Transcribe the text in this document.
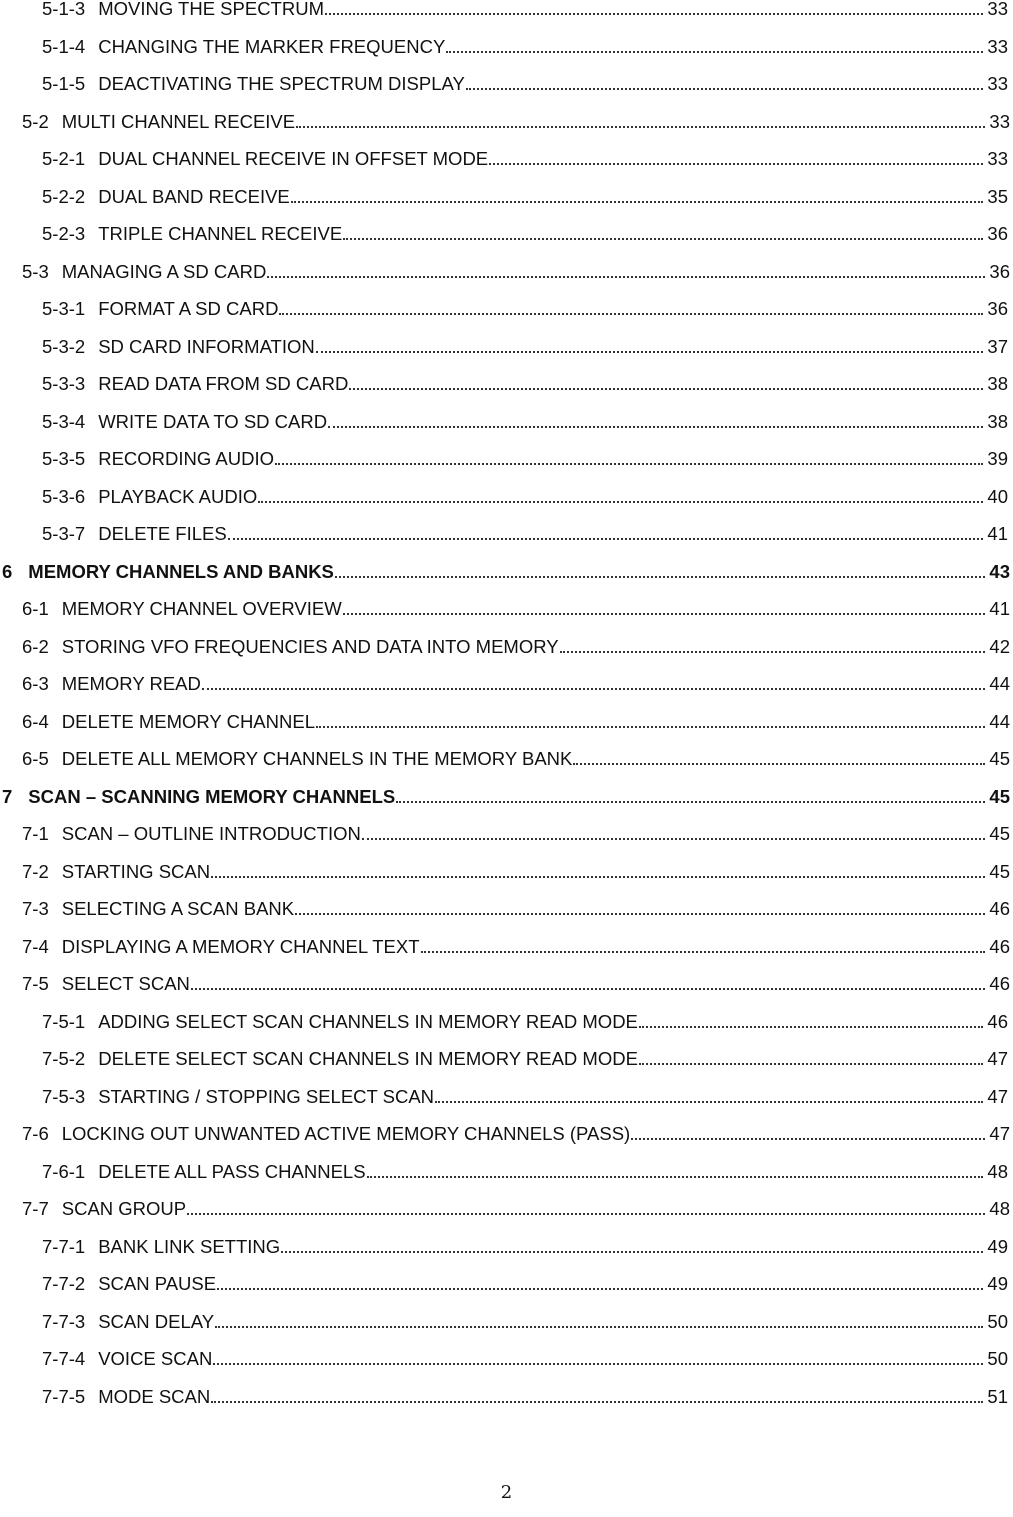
5-1-3 MOVING THE SPECTRUM	33
5-1-4 CHANGING THE MARKER FREQUENCY	33
5-1-5 DEACTIVATING THE SPECTRUM DISPLAY	33
5-2 MULTI CHANNEL RECEIVE	33
5-2-1 DUAL CHANNEL RECEIVE IN OFFSET MODE	33
5-2-2 DUAL BAND RECEIVE	35
5-2-3 TRIPLE CHANNEL RECEIVE	36
5-3 MANAGING A SD CARD	36
5-3-1 FORMAT A SD CARD	36
5-3-2 SD CARD INFORMATION	37
5-3-3 READ DATA FROM SD CARD	38
5-3-4 WRITE DATA TO SD CARD	38
5-3-5 RECORDING AUDIO	39
5-3-6 PLAYBACK AUDIO	40
5-3-7 DELETE FILES	41
6 MEMORY CHANNELS AND BANKS	43
6-1 MEMORY CHANNEL OVERVIEW	41
6-2 STORING VFO FREQUENCIES AND DATA INTO MEMORY	42
6-3 MEMORY READ	44
6-4 DELETE MEMORY CHANNEL	44
6-5 DELETE ALL MEMORY CHANNELS IN THE MEMORY BANK	45
7 SCAN – SCANNING MEMORY CHANNELS	45
7-1 SCAN – OUTLINE INTRODUCTION	45
7-2 STARTING SCAN	45
7-3 SELECTING A SCAN BANK	46
7-4 DISPLAYING A MEMORY CHANNEL TEXT	46
7-5 SELECT SCAN	46
7-5-1 ADDING SELECT SCAN CHANNELS IN MEMORY READ MODE	46
7-5-2 DELETE SELECT SCAN CHANNELS IN MEMORY READ MODE	47
7-5-3 STARTING / STOPPING SELECT SCAN	47
7-6 LOCKING OUT UNWANTED ACTIVE MEMORY CHANNELS (PASS)	47
7-6-1 DELETE ALL PASS CHANNELS	48
7-7 SCAN GROUP	48
7-7-1 BANK LINK SETTING	49
7-7-2 SCAN PAUSE	49
7-7-3 SCAN DELAY	50
7-7-4 VOICE SCAN	50
7-7-5 MODE SCAN	51
2
